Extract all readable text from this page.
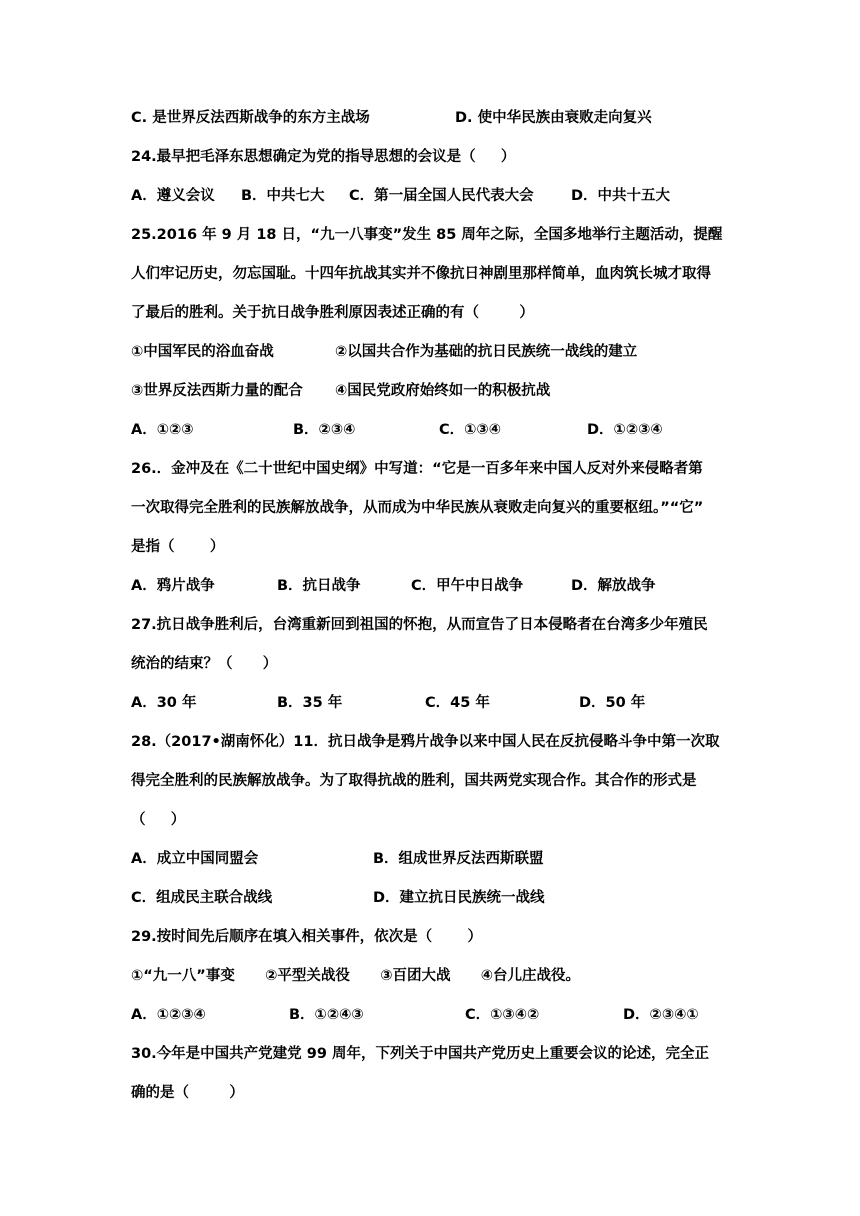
C. 是世界反法西斯战争的东方主战场	D. 使中华民族由衰败走向复兴
24.最早把毛泽东思想确定为党的指导思想的会议是（     ）
A．遵义会议 B．中共七大 C．第一届全国人民代表大会	D．中共十五大
25.2016 年 9 月 18 日，“九一八事变”发生 85 周年之际，全国多地举行主题活动，提醒
人们牢记历史，勿忘国耻。十四年抗战其实并不像抗日神剧里那样简单，血肉筑长城才取得
了最后的胜利。关于抗日战争胜利原因表述正确的有（        ）
①中国军民的浴血奋战	②以国共合作为基础的抗日民族统一战线的建立
③世界反法西斯力量的配合 ④国民党政府始终如一的积极抗战
A．①②③	B．②③④	C．①③④	D．①②③④
26.．金冲及在《二十世纪中国史纲》中写道：“它是一百多年来中国人反对外来侵略者第
一次取得完全胜利的民族解放战争，从而成为中华民族从衰败走向复兴的重要枢纽。”“它”
是指（       ）
A．鸦片战争	B．抗日战争	C．甲午中日战争	D．解放战争
27.抗日战争胜利后，台湾重新回到祖国的怀抱，从而宣告了日本侵略者在台湾多少年殖民
统治的结束？（      ）
A．30 年	B．35 年	C．45 年	D．50 年
28.（2017•湖南怀化）11．抗日战争是鸦片战争以来中国人民在反抗侵略斗争中第一次取
得完全胜利的民族解放战争。为了取得抗战的胜利，国共两党实现合作。其合作的形式是
（     ）
A．成立中国同盟会	B．组成世界反法西斯联盟
C．组成民主联合战线	D．建立抗日民族统一战线
29.按时间先后顺序在填入相关事件，依次是（       ）
①“九一八”事变      ②平型关战役      ③百团大战      ④台儿庄战役。
A．①②③④	B．①②④③	C．①③④②	D．②③④①
30.今年是中国共产党建党 99 周年，下列关于中国共产党历史上重要会议的论述，完全正
确的是（        ）
